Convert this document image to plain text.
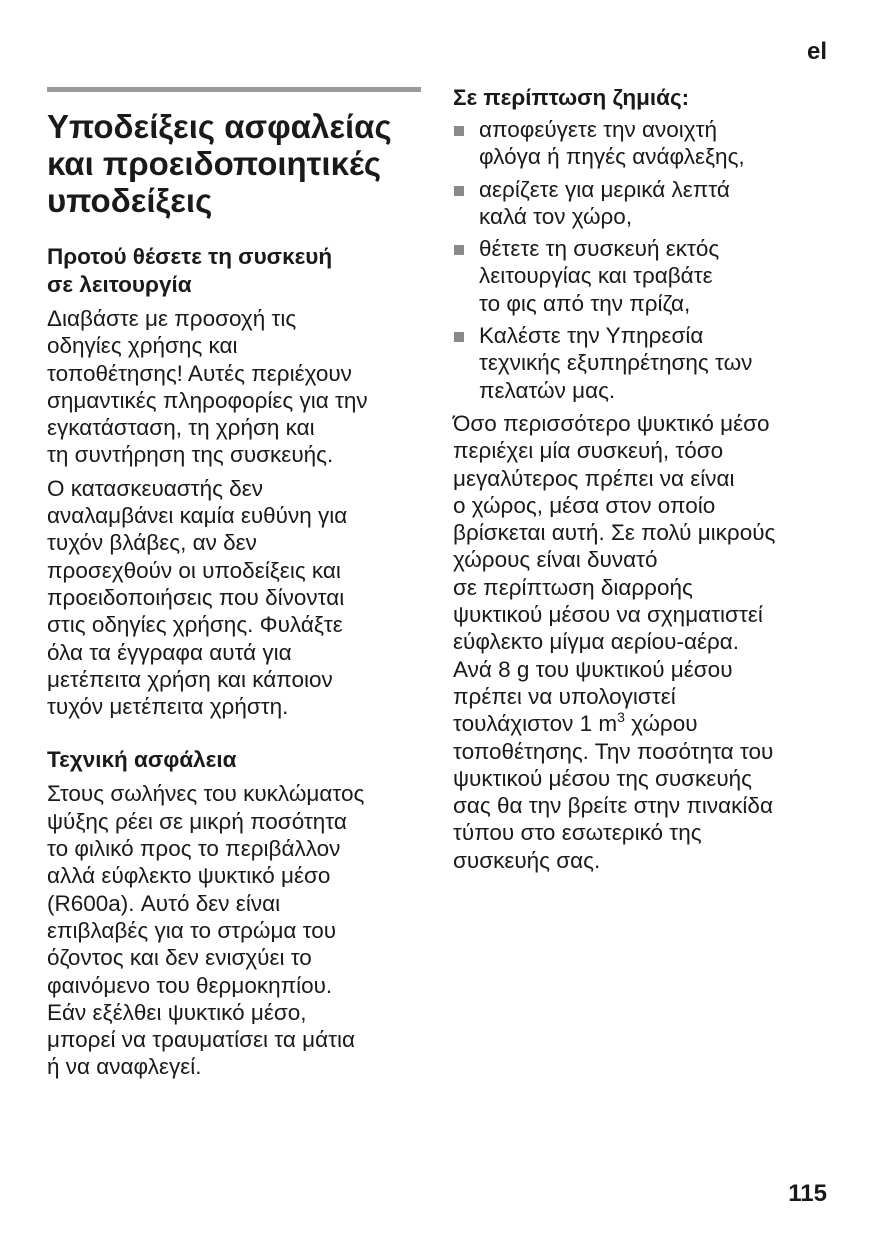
el
Υποδείξεις ασφαλείας
και προειδοποιητικές
υποδείξεις
Προτού θέσετε τη συσκευή
σε λειτουργία

Διαβάστε με προσοχή τις
οδηγίες χρήσης και
τοποθέτησης! Αυτές περιέχουν
σημαντικές πληροφορίες για την
εγκατάσταση, τη χρήση και
τη συντήρηση της συσκευής.

Ο κατασκευαστής δεν
αναλαμβάνει καμία ευθύνη για
τυχόν βλάβες, αν δεν
προσεχθούν οι υποδείξεις και
προειδοποιήσεις που δίνονται
στις οδηγίες χρήσης. Φυλάξτε
όλα τα έγγραφα αυτά για
μετέπειτα χρήση και κάποιον
τυχόν μετέπειτα χρήστη.

Τεχνική ασφάλεια

Στους σωλήνες του κυκλώματος
ψύξης ρέει σε μικρή ποσότητα
το φιλικό προς το περιβάλλον
αλλά εύφλεκτο ψυκτικό μέσο
(R600a). Αυτό δεν είναι
επιβλαβές για το στρώμα του
όζοντος και δεν ενισχύει το
φαινόμενο του θερμοκηπίου.
Εάν εξέλθει ψυκτικό μέσο,
μπορεί να τραυματίσει τα μάτια
ή να αναφλεγεί.

Σε περίπτωση ζημιάς:
αποφεύγετε την ανοιχτή
φλόγα ή πηγές ανάφλεξης,
αερίζετε για μερικά λεπτά
καλά τον χώρο,
θέτετε τη συσκευή εκτός
λειτουργίας και τραβάτε
το φις από την πρίζα,
Καλέστε την Υπηρεσία
τεχνικής εξυπηρέτησης των
πελατών μας.

Όσο περισσότερο ψυκτικό μέσο
περιέχει μία συσκευή, τόσο
μεγαλύτερος πρέπει να είναι
ο χώρος, μέσα στον οποίο
βρίσκεται αυτή. Σε πολύ μικρούς
χώρους είναι δυνατό
σε περίπτωση διαρροής
ψυκτικού μέσου να σχηματιστεί
εύφλεκτο μίγμα αερίου-αέρα.
Ανά 8 g του ψυκτικού μέσου
πρέπει να υπολογιστεί
τουλάχιστον 1 $m^3$ χώρου
τοποθέτησης. Την ποσότητα του
ψυκτικού μέσου της συσκευής
σας θα την βρείτε στην πινακίδα
τύπου στο εσωτερικό της
συσκευής σας.

115
